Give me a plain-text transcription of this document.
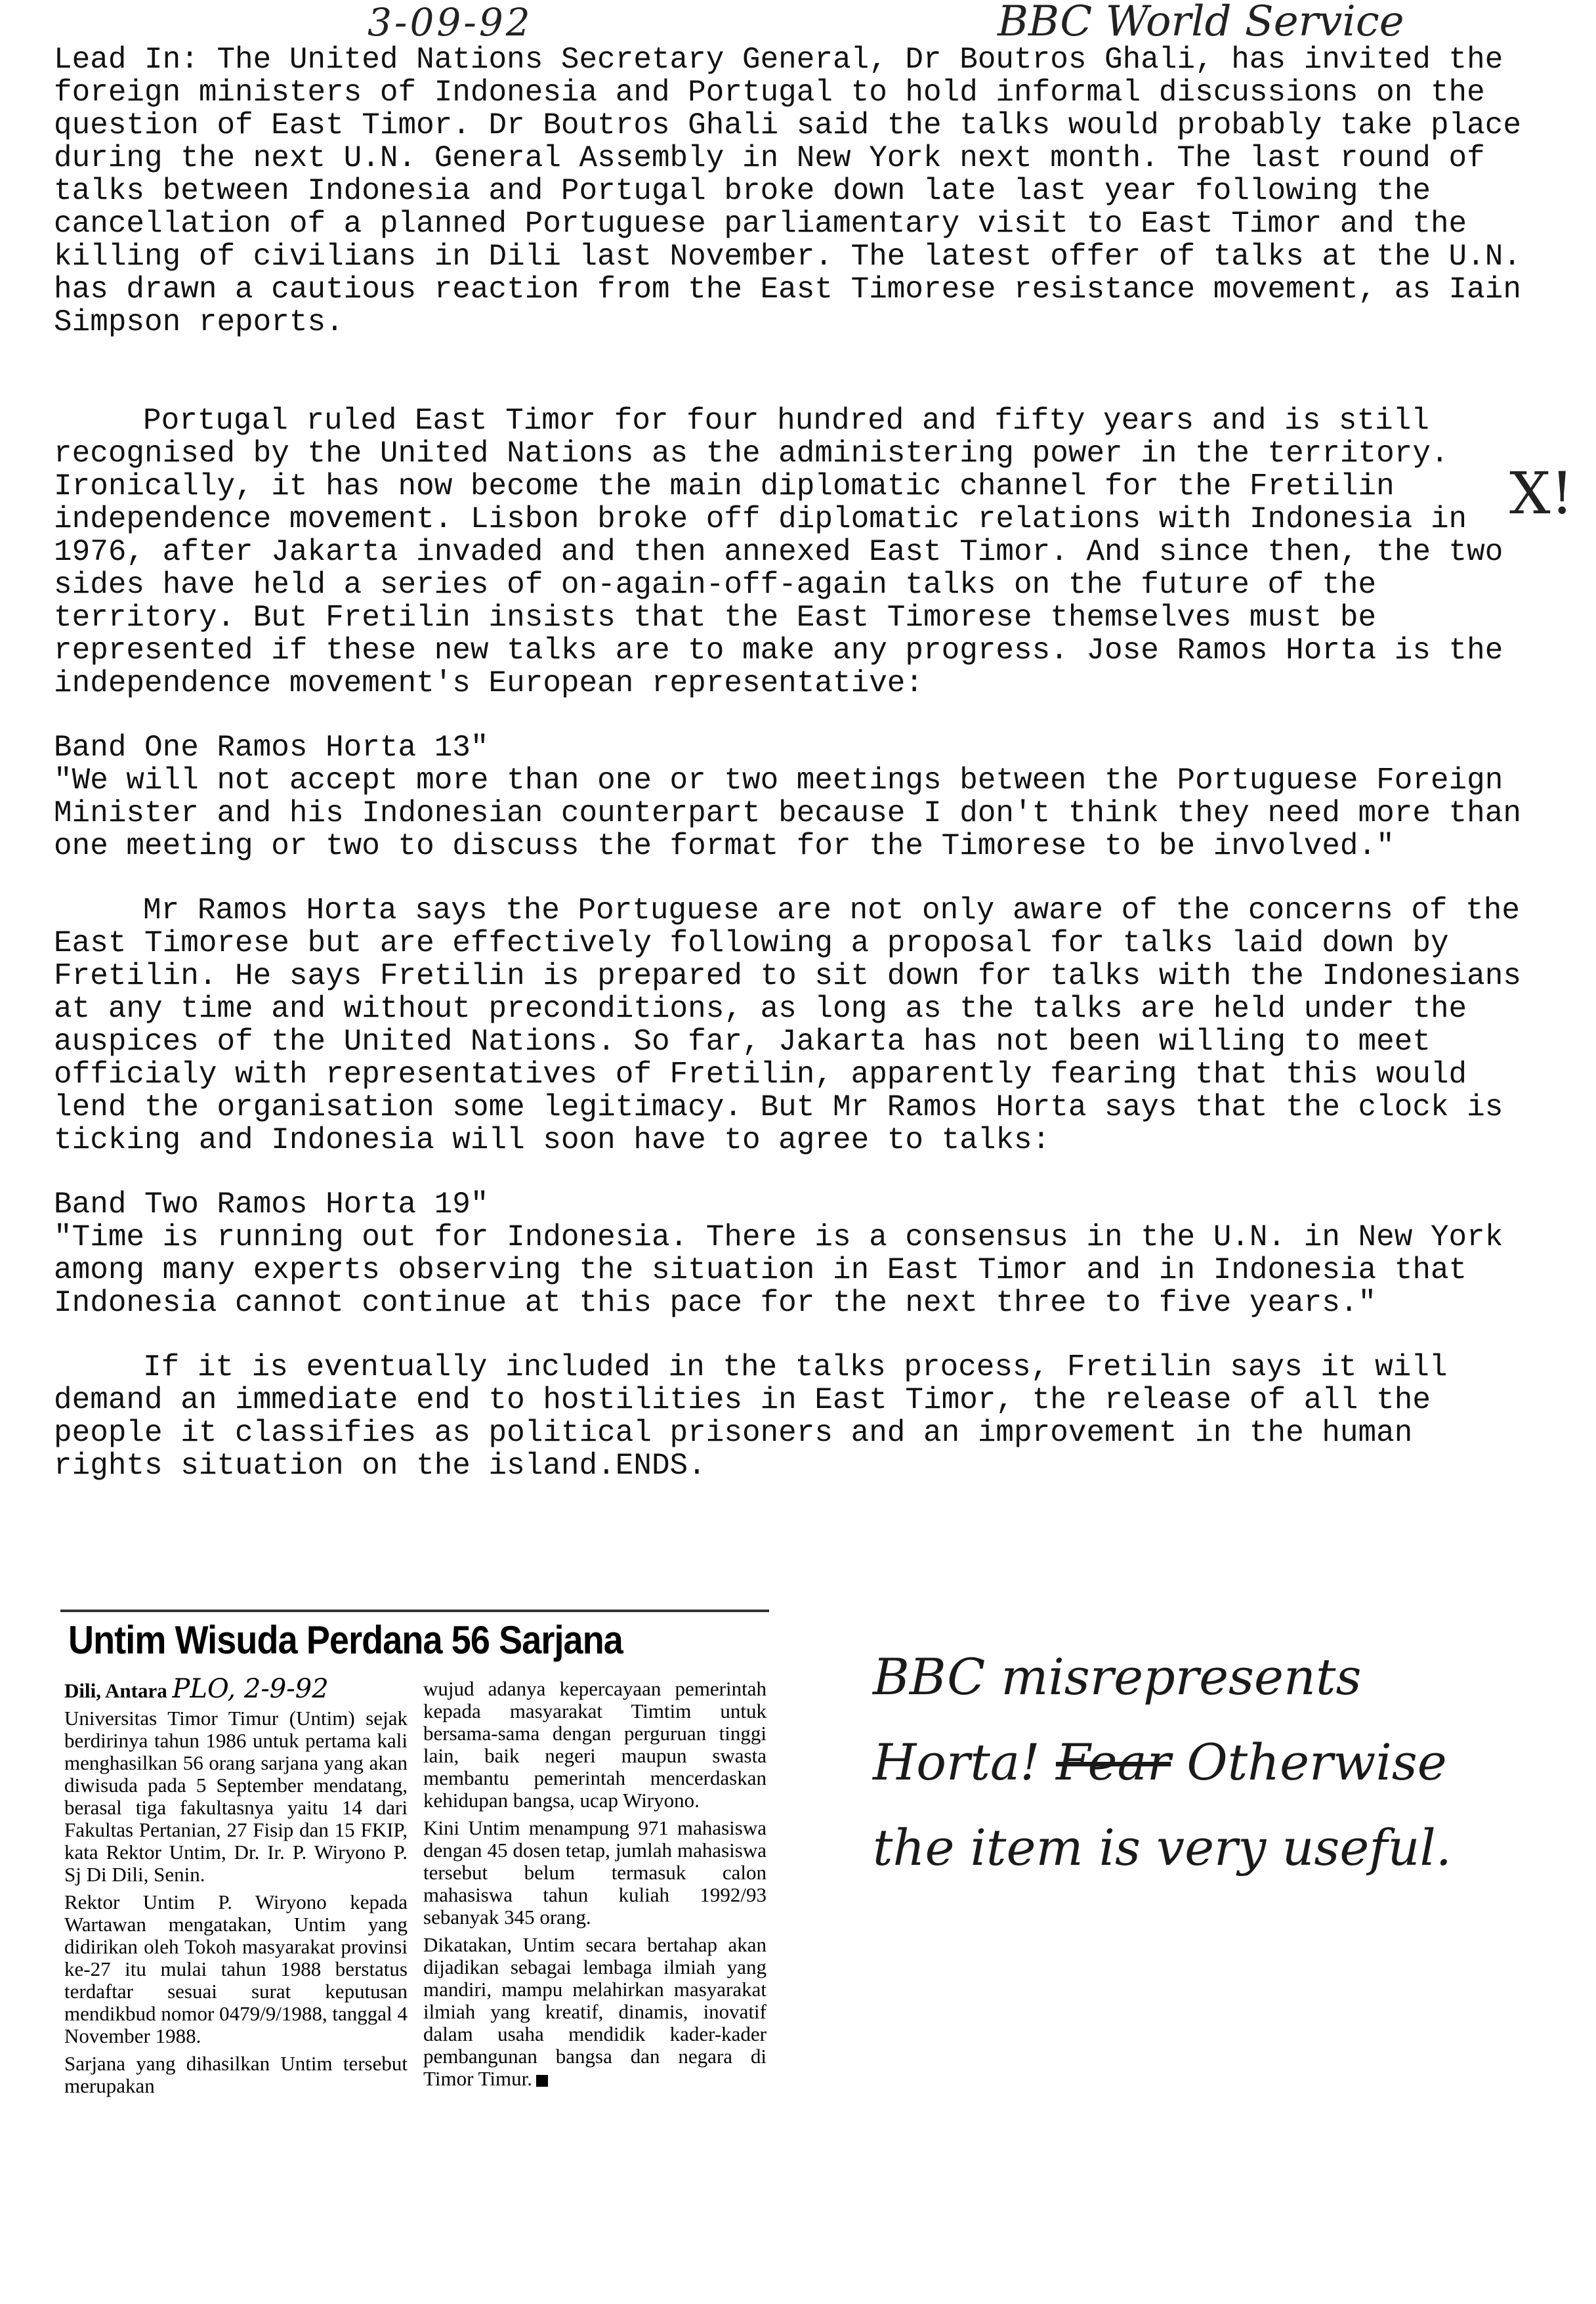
3-09-92	BBC World Service

Lead In: The United Nations Secretary General, Dr Boutros Ghali, has invited the foreign ministers of Indonesia and Portugal to hold informal discussions on the question of East Timor. Dr Boutros Ghali said the talks would probably take place during the next U.N. General Assembly in New York next month. The last round of talks between Indonesia and Portugal broke down late last year following the cancellation of a planned Portuguese parliamentary visit to East Timor and the killing of civilians in Dili last November. The latest offer of talks at the U.N. has drawn a cautious reaction from the East Timorese resistance movement, as Iain Simpson reports.

Portugal ruled East Timor for four hundred and fifty years and is still recognised by the United Nations as the administering power in the territory. Ironically, it has now become the main diplomatic channel for the Fretilin independence movement. Lisbon broke off diplomatic relations with Indonesia in 1976, after Jakarta invaded and then annexed East Timor. And since then, the two sides have held a series of on-again-off-again talks on the future of the territory. But Fretilin insists that the East Timorese themselves must be represented if these new talks are to make any progress. Jose Ramos Horta is the independence movement's European representative:

Band One Ramos Horta 13"

"We will not accept more than one or two meetings between the Portuguese Foreign Minister and his Indonesian counterpart because I don't think they need more than one meeting or two to discuss the format for the Timorese to be involved."

Mr Ramos Horta says the Portuguese are not only aware of the concerns of the East Timorese but are effectively following a proposal for talks laid down by Fretilin. He says Fretilin is prepared to sit down for talks with the Indonesians at any time and without preconditions, as long as the talks are held under the auspices of the United Nations. So far, Jakarta has not been willing to meet officialy with representatives of Fretilin, apparently fearing that this would lend the organisation some legitimacy. But Mr Ramos Horta says that the clock is ticking and Indonesia will soon have to agree to talks:

Band Two Ramos Horta 19"

"Time is running out for Indonesia. There is a consensus in the U.N. in New York among many experts observing the situation in East Timor and in Indonesia that Indonesia cannot continue at this pace for the next three to five years."

If it is eventually included in the talks process, Fretilin says it will demand an immediate end to hostilities in East Timor, the release of all the people it classifies as political prisoners and an improvement in the human rights situation on the island.ENDS.

X!
Untim Wisuda Perdana 56 Sarjana

Dili, Antara PLO, 2-9-92

Universitas Timor Timur (Untim) sejak berdirinya tahun 1986 untuk pertama kali menghasilkan 56 orang sarjana yang akan diwisuda pada 5 September mendatang, berasal tiga fakultasnya yaitu 14 dari Fakultas Pertanian, 27 Fisip dan 15 FKIP, kata Rektor Untim, Dr. Ir. P. Wiryono P. Sj Di Dili, Senin.

Rektor Untim P. Wiryono kepada Wartawan mengatakan, Untim yang didirikan oleh Tokoh masyarakat provinsi ke-27 itu mulai tahun 1988 berstatus terdaftar sesuai surat keputusan mendikbud nomor 0479/9/1988, tanggal 4 November 1988.

Sarjana yang dihasilkan Untim tersebut merupakan

wujud adanya kepercayaan pemerintah kepada masyarakat Timtim untuk bersama-sama dengan perguruan tinggi lain, baik negeri maupun swasta membantu pemerintah mencerdaskan kehidupan bangsa, ucap Wiryono.

Kini Untim menampung 971 mahasiswa dengan 45 dosen tetap, jumlah mahasiswa tersebut belum termasuk calon mahasiswa tahun kuliah 1992/93 sebanyak 345 orang.

Dikatakan, Untim secara bertahap akan dijadikan sebagai lembaga ilmiah yang mandiri, mampu melahirkan masyarakat ilmiah yang kreatif, dinamis, inovatif dalam usaha mendidik kader-kader pembangunan bangsa dan negara di Timor Timur.

BBC misrepresents

Horta! Fear Otherwise

the item is very useful.
